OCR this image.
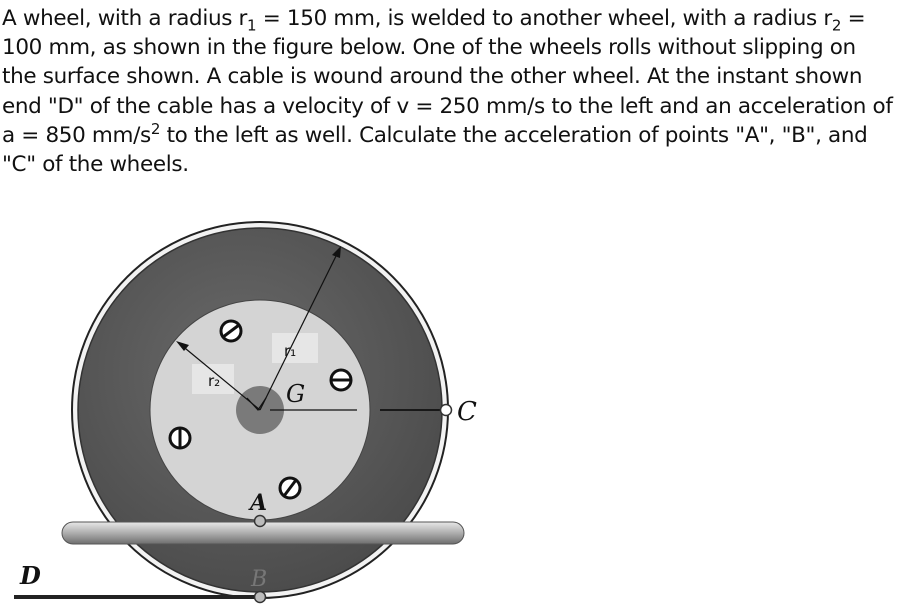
A wheel, with a radius $r_1 = 150$ mm, is welded to another wheel, with a radius $r_2$ =
100 mm, as shown in the figure below. One of the wheels rolls without slipping on
the surface shown. A cable is wound around the other wheel. At the instant shown
end "D" of the cable has a velocity of v = 250 mm/s to the left and an acceleration of
a = 850 $mm/s^2$ to the left as well. Calculate the acceleration of points "A", "B", and
"C" of the wheels.
r₁
r₂	G
A
B
C
D
